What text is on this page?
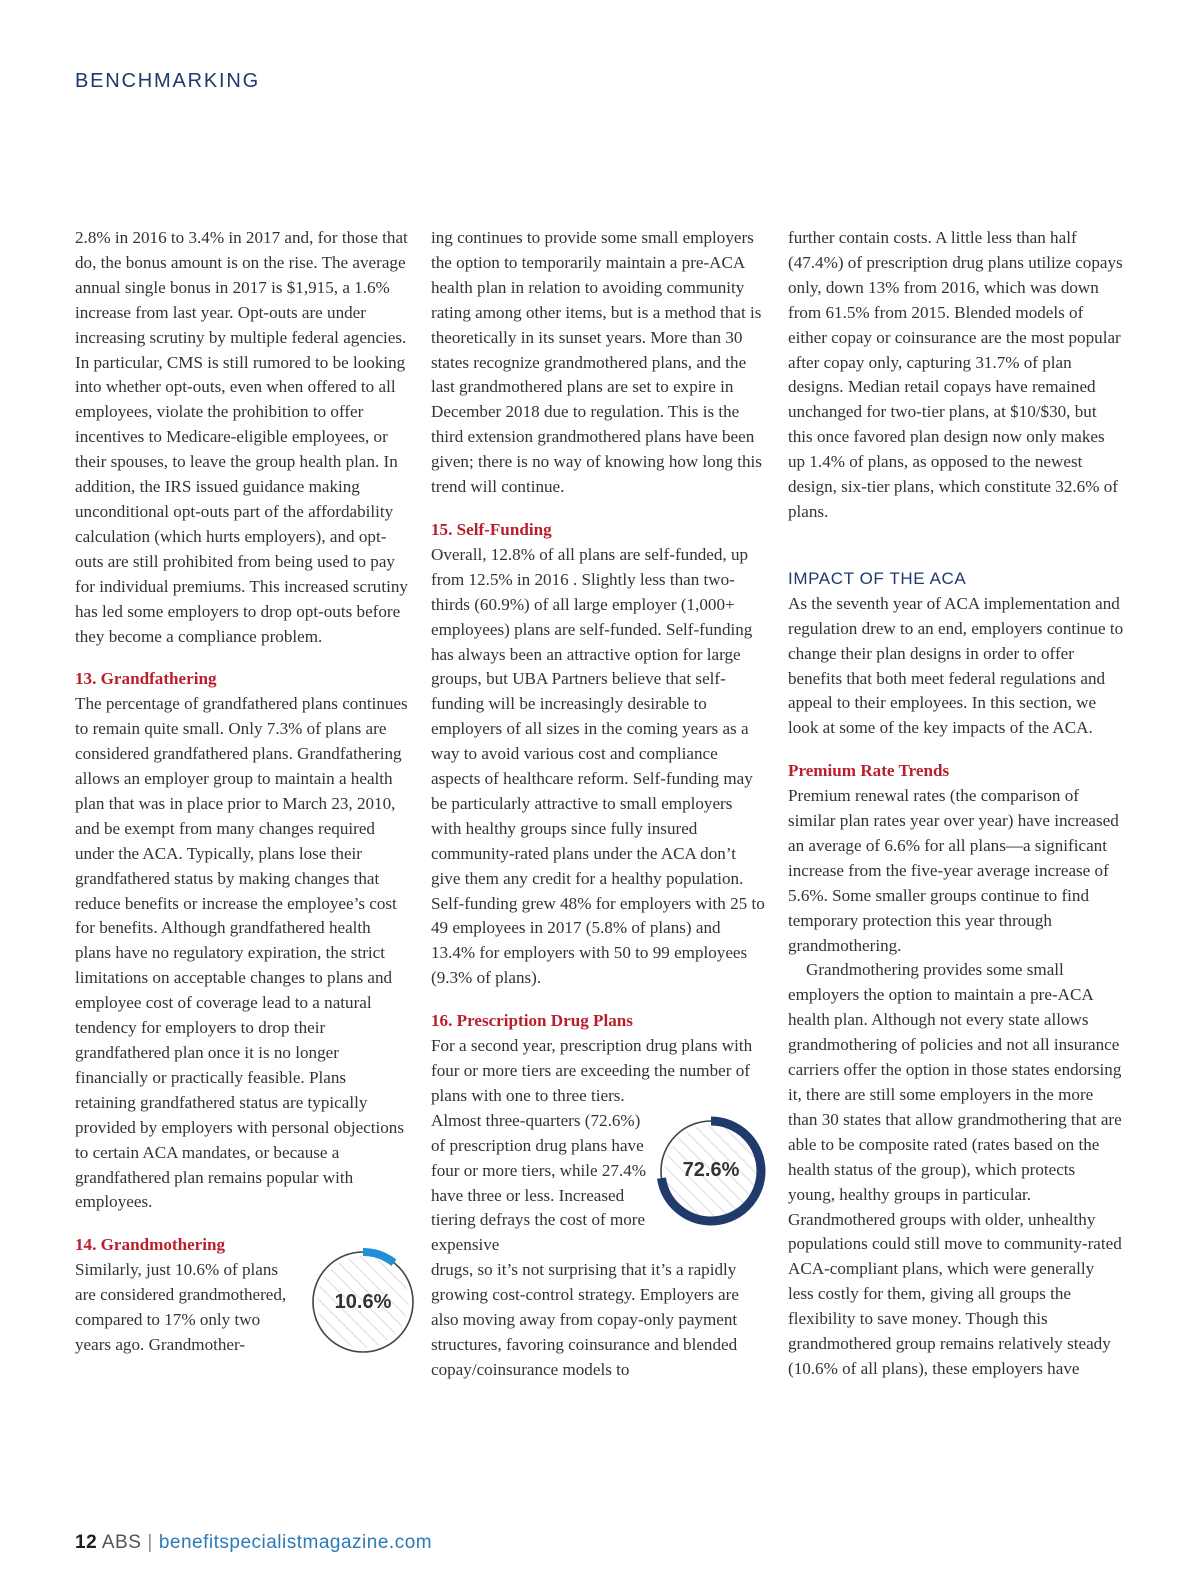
BENCHMARKING

2.8% in 2016 to 3.4% in 2017 and, for those that do, the bonus amount is on the rise. The average annual single bonus in 2017 is $1,915, a 1.6% increase from last year. Opt-outs are under increasing scrutiny by multiple federal agencies. In particular, CMS is still rumored to be looking into whether opt-outs, even when offered to all employees, violate the prohibition to offer incentives to Medicare-eligible employees, or their spouses, to leave the group health plan. In addition, the IRS issued guidance making unconditional opt-outs part of the affordability calculation (which hurts employers), and opt-outs are still prohibited from being used to pay for individual premiums. This increased scrutiny has led some employers to drop opt-outs before they become a compliance problem.

13. Grandfathering

The percentage of grandfathered plans continues to remain quite small. Only 7.3% of plans are considered grandfathered plans. Grandfathering allows an employer group to maintain a health plan that was in place prior to March 23, 2010, and be exempt from many changes required under the ACA. Typically, plans lose their grandfathered status by making changes that reduce benefits or increase the employee’s cost for benefits. Although grandfathered health plans have no regulatory expiration, the strict limitations on acceptable changes to plans and employee cost of coverage lead to a natural tendency for employers to drop their grandfathered plan once it is no longer financially or practically feasible. Plans retaining grandfathered status are typically provided by employers with personal objections to certain ACA mandates, or because a grandfathered plan remains popular with employees.

14. Grandmothering

Similarly, just 10.6% of plans are considered grandmothered, compared to 17% only two years ago. Grandmother-

10.6%

ing continues to provide some small employers the option to temporarily maintain a pre-ACA health plan in relation to avoiding community rating among other items, but is a method that is theoretically in its sunset years. More than 30 states recognize grandmothered plans, and the last grandmothered plans are set to expire in December 2018 due to regulation. This is the third extension grandmothered plans have been given; there is no way of knowing how long this trend will continue.

15. Self-Funding

Overall, 12.8% of all plans are self-funded, up from 12.5% in 2016 . Slightly less than two-thirds (60.9%) of all large employer (1,000+ employees) plans are self-funded. Self-funding has always been an attractive option for large groups, but UBA Partners believe that self-funding will be increasingly desirable to employers of all sizes in the coming years as a way to avoid various cost and compliance aspects of healthcare reform. Self-funding may be particularly attractive to small employers with healthy groups since fully insured community-rated plans under the ACA don’t give them any credit for a healthy population. Self-funding grew 48% for employers with 25 to 49 employees in 2017 (5.8% of plans) and 13.4% for employers with 50 to 99 employees (9.3% of plans).

16. Prescription Drug Plans

For a second year, prescription drug plans with four or more tiers are exceeding the number of plans with one to three tiers.

Almost three-quarters (72.6%) of prescription drug plans have four or more tiers, while 27.4% have three or less. Increased tiering defrays the cost of more expensive

72.6%

drugs, so it’s not surprising that it’s a rapidly growing cost-control strategy. Employers are also moving away from copay-only payment structures, favoring coinsurance and blended copay/coinsurance models to

further contain costs. A little less than half (47.4%) of prescription drug plans utilize copays only, down 13% from 2016, which was down from 61.5% from 2015. Blended models of either copay or coinsurance are the most popular after copay only, capturing 31.7% of plan designs. Median retail copays have remained unchanged for two-tier plans, at $10/$30, but this once favored plan design now only makes up 1.4% of plans, as opposed to the newest design, six-tier plans, which constitute 32.6% of plans.

IMPACT OF THE ACA

As the seventh year of ACA implementation and regulation drew to an end, employers continue to change their plan designs in order to offer benefits that both meet federal regulations and appeal to their employees. In this section, we look at some of the key impacts of the ACA.

Premium Rate Trends

Premium renewal rates (the comparison of similar plan rates year over year) have increased an average of 6.6% for all plans—a significant increase from the five-year average increase of 5.6%. Some smaller groups continue to find temporary protection this year through grandmothering.

Grandmothering provides some small employers the option to maintain a pre-ACA health plan. Although not every state allows grandmothering of policies and not all insurance carriers offer the option in those states endorsing it, there are still some employers in the more than 30 states that allow grandmothering that are able to be composite rated (rates based on the health status of the group), which protects young, healthy groups in particular. Grandmothered groups with older, unhealthy populations could still move to community-rated ACA-compliant plans, which were generally less costly for them, giving all groups the flexibility to save money. Though this grandmothered group remains relatively steady (10.6% of all plans), these employers have

12 ABS | benefitspecialistmagazine.com
